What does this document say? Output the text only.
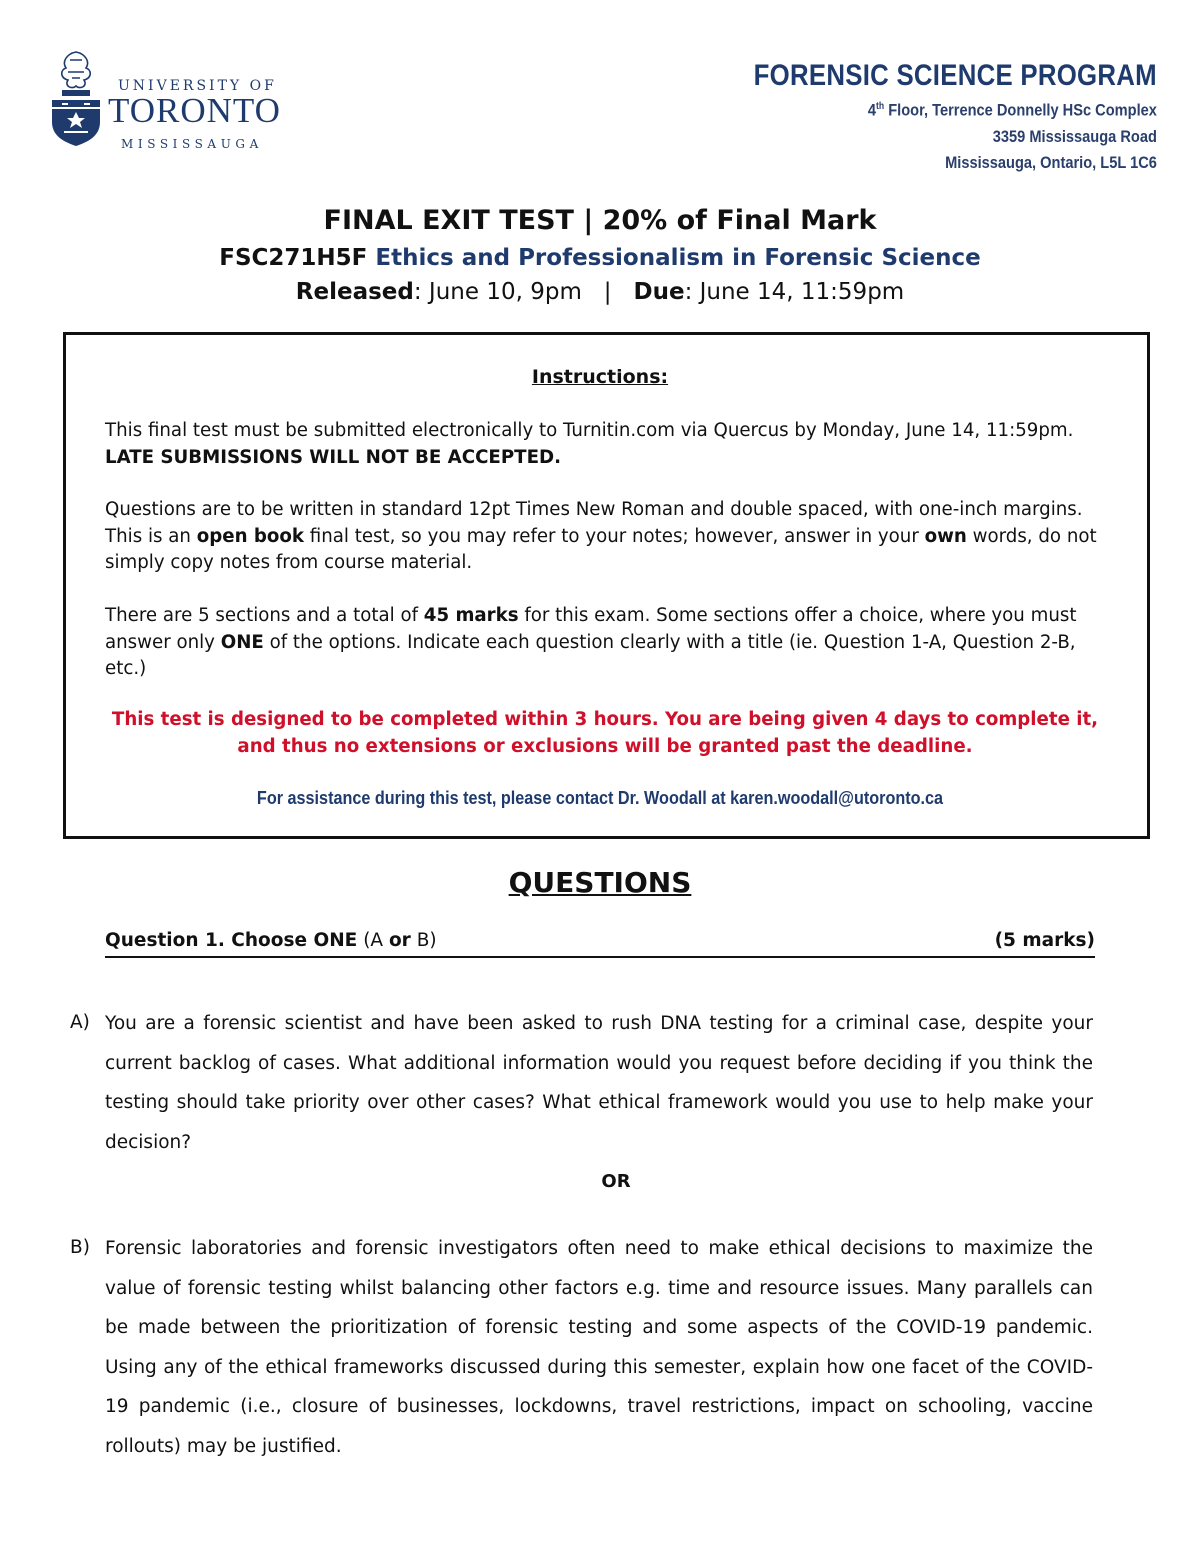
UNIVERSITY OF
TORONTO
MISSISSAUGA
FORENSIC SCIENCE PROGRAM
4th Floor, Terrence Donnelly HSc Complex
3359 Mississauga Road
Mississauga, Ontario, L5L 1C6
FINAL EXIT TEST | 20% of Final Mark
FSC271H5F Ethics and Professionalism in Forensic Science
Released: June 10, 9pm | Due: June 14, 11:59pm
Instructions:
This final test must be submitted electronically to Turnitin.com via Quercus by Monday, June 14, 11:59pm. LATE SUBMISSIONS WILL NOT BE ACCEPTED.
Questions are to be written in standard 12pt Times New Roman and double spaced, with one-inch margins. This is an open book final test, so you may refer to your notes; however, answer in your own words, do not simply copy notes from course material.
There are 5 sections and a total of 45 marks for this exam. Some sections offer a choice, where you must answer only ONE of the options. Indicate each question clearly with a title (ie. Question 1-A, Question 2-B, etc.)
This test is designed to be completed within 3 hours. You are being given 4 days to complete it, and thus no extensions or exclusions will be granted past the deadline.
For assistance during this test, please contact Dr. Woodall at karen.woodall@utoronto.ca
QUESTIONS
Question 1. Choose ONE (A or B)	(5 marks)
A) You are a forensic scientist and have been asked to rush DNA testing for a criminal case, despite your current backlog of cases. What additional information would you request before deciding if you think the testing should take priority over other cases? What ethical framework would you use to help make your decision?
OR
B) Forensic laboratories and forensic investigators often need to make ethical decisions to maximize the value of forensic testing whilst balancing other factors e.g. time and resource issues. Many parallels can be made between the prioritization of forensic testing and some aspects of the COVID-19 pandemic. Using any of the ethical frameworks discussed during this semester, explain how one facet of the COVID-19 pandemic (i.e., closure of businesses, lockdowns, travel restrictions, impact on schooling, vaccine rollouts) may be justified.
